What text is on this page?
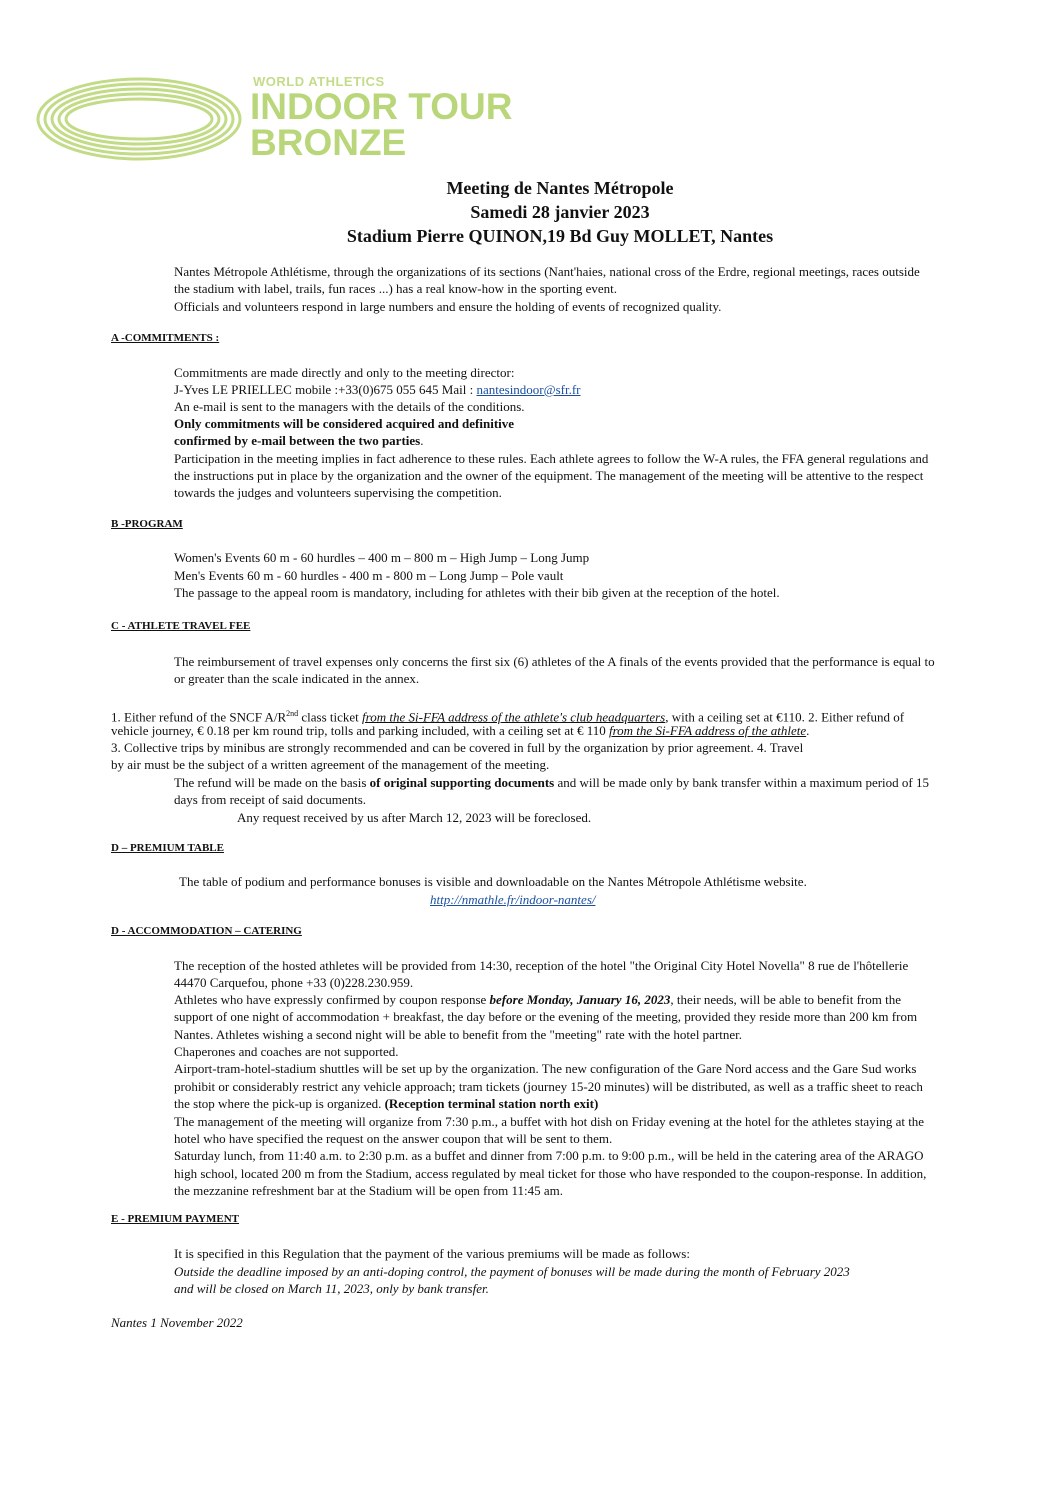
WORLD ATHLETICS
INDOOR TOUR
BRONZE
Meeting de Nantes Métropole
Samedi 28 janvier 2023
Stadium Pierre QUINON,19 Bd Guy MOLLET, Nantes
Nantes Métropole Athlétisme, through the organizations of its sections (Nant'haies, national cross of the Erdre, regional meetings, races outside
the stadium with label, trails, fun races ...) has a real know-how in the sporting event.
Officials and volunteers respond in large numbers and ensure the holding of events of recognized quality.
A -COMMITMENTS :
Commitments are made directly and only to the meeting director:
J-Yves LE PRIELLEC mobile :+33(0)675 055 645 Mail : nantesindoor@sfr.fr
An e-mail is sent to the managers with the details of the conditions.
Only commitments will be considered acquired and definitive
confirmed by e-mail between the two parties.
Participation in the meeting implies in fact adherence to these rules. Each athlete agrees to follow the W-A rules, the FFA general regulations and
the instructions put in place by the organization and the owner of the equipment. The management of the meeting will be attentive to the respect
towards the judges and volunteers supervising the competition.
B -PROGRAM
Women's Events 60 m - 60 hurdles – 400 m – 800 m – High Jump – Long Jump
Men's Events 60 m - 60 hurdles - 400 m - 800 m – Long Jump – Pole vault
The passage to the appeal room is mandatory, including for athletes with their bib given at the reception of the hotel.
C - ATHLETE TRAVEL FEE
The reimbursement of travel expenses only concerns the first six (6) athletes of the A finals of the events provided that the performance is equal to
or greater than the scale indicated in the annex.
1. Either refund of the SNCF $A/R^{2nd}$ class ticket from the Si-FFA address of the athlete's club headquarters, with a ceiling set at €110. 2. Either refund of
vehicle journey, € 0.18 per km round trip, tolls and parking included, with a ceiling set at € 110 from the Si-FFA address of the athlete.
3. Collective trips by minibus are strongly recommended and can be covered in full by the organization by prior agreement. 4. Travel
by air must be the subject of a written agreement of the management of the meeting.
The refund will be made on the basis of original supporting documents and will be made only by bank transfer within a maximum period of 15
days from receipt of said documents.
Any request received by us after March 12, 2023 will be foreclosed.
D – PREMIUM TABLE
The table of podium and performance bonuses is visible and downloadable on the Nantes Métropole Athlétisme website.
http://nmathle.fr/indoor-nantes/
D - ACCOMMODATION – CATERING
The reception of the hosted athletes will be provided from 14:30, reception of the hotel "the Original City Hotel Novella" 8 rue de l'hôtellerie
44470 Carquefou, phone +33 (0)228.230.959.
Athletes who have expressly confirmed by coupon response before Monday, January 16, 2023, their needs, will be able to benefit from the
support of one night of accommodation + breakfast, the day before or the evening of the meeting, provided they reside more than 200 km from
Nantes. Athletes wishing a second night will be able to benefit from the "meeting" rate with the hotel partner.
Chaperones and coaches are not supported.
Airport-tram-hotel-stadium shuttles will be set up by the organization. The new configuration of the Gare Nord access and the Gare Sud works
prohibit or considerably restrict any vehicle approach; tram tickets (journey 15-20 minutes) will be distributed, as well as a traffic sheet to reach
the stop where the pick-up is organized. (Reception terminal station north exit)
The management of the meeting will organize from 7:30 p.m., a buffet with hot dish on Friday evening at the hotel for the athletes staying at the
hotel who have specified the request on the answer coupon that will be sent to them.
Saturday lunch, from 11:40 a.m. to 2:30 p.m. as a buffet and dinner from 7:00 p.m. to 9:00 p.m., will be held in the catering area of the ARAGO
high school, located 200 m from the Stadium, access regulated by meal ticket for those who have responded to the coupon-response. In addition,
the mezzanine refreshment bar at the Stadium will be open from 11:45 am.
E - PREMIUM PAYMENT
It is specified in this Regulation that the payment of the various premiums will be made as follows:
Outside the deadline imposed by an anti-doping control, the payment of bonuses will be made during the month of February 2023
and will be closed on March 11, 2023, only by bank transfer.
Nantes 1 November 2022
